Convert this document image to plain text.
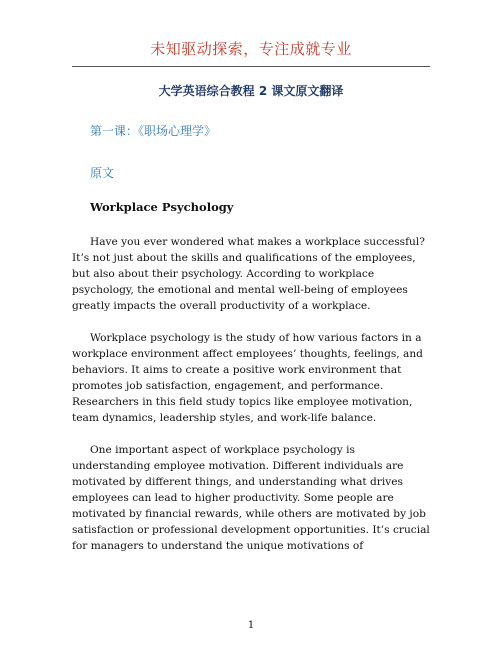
未知驱动探索，专注成就专业
大学英语综合教程 2 课文原文翻译
第一课：《职场心理学》
原文
Workplace Psychology

Have you ever wondered what makes a workplace successful? It’s not just about the skills and qualifications of the employees, but also about their psychology. According to workplace psychology, the emotional and mental well-being of employees greatly impacts the overall productivity of a workplace.

Workplace psychology is the study of how various factors in a workplace environment affect employees’ thoughts, feelings, and behaviors. It aims to create a positive work environment that promotes job satisfaction, engagement, and performance. Researchers in this field study topics like employee motivation, team dynamics, leadership styles, and work-life balance.

One important aspect of workplace psychology is understanding employee motivation. Different individuals are motivated by different things, and understanding what drives employees can lead to higher productivity. Some people are motivated by financial rewards, while others are motivated by job satisfaction or professional development opportunities. It’s crucial for managers to understand the unique motivations of

1
